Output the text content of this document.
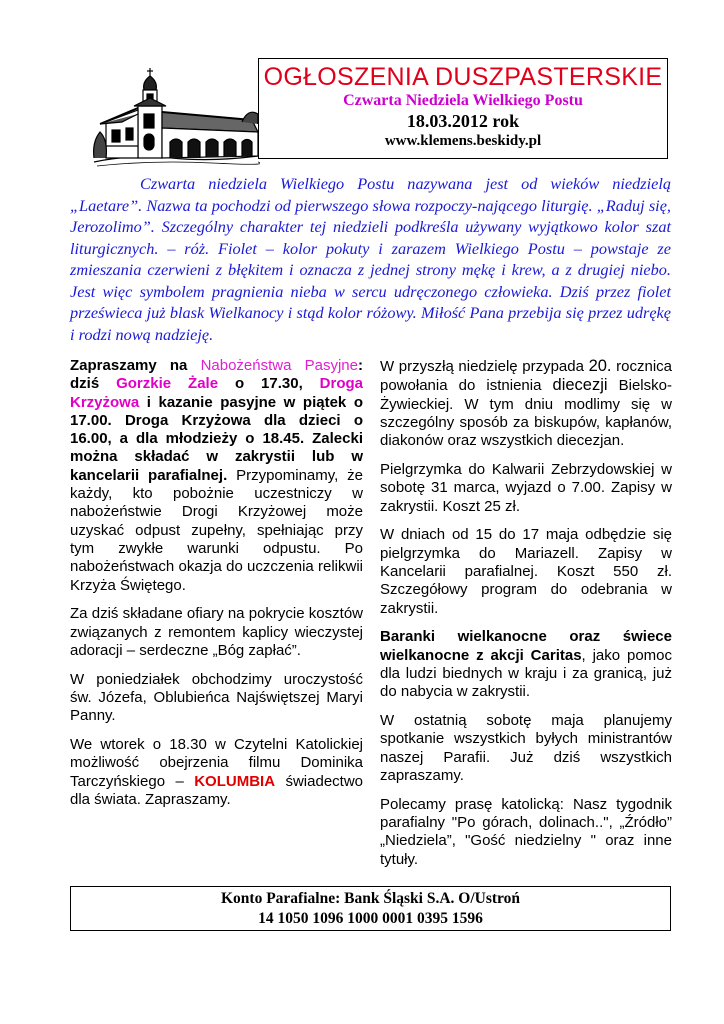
OGŁOSZENIA DUSZPASTERSKIE
Czwarta Niedziela Wielkiego Postu
18.03.2012 rok
www.klemens.beskidy.pl

Czwarta niedziela Wielkiego Postu nazywana jest od wieków niedzielą „Laetare”. Nazwa ta pochodzi od pierwszego słowa rozpoczy-nającego liturgię. „Raduj się, Jerozolimo”. Szczególny charakter tej niedzieli podkreśla używany wyjątkowo kolor szat liturgicznych. – róż. Fiolet – kolor pokuty i zarazem Wielkiego Postu – powstaje ze zmieszania czerwieni z błękitem i oznacza z jednej strony mękę i krew, a z drugiej niebo. Jest więc symbolem pragnienia nieba w sercu udręczonego człowieka. Dziś przez fiolet prześwieca już blask Wielkanocy i stąd kolor różowy. Miłość Pana przebija się przez udrękę i rodzi nową nadzieję.

Zapraszamy na Nabożeństwa Pasyjne: dziś Gorzkie Żale o 17.30, Droga Krzyżowa i kazanie pasyjne w piątek o 17.00. Droga Krzyżowa dla dzieci o 16.00, a dla młodzieży o 18.45. Zalecki można składać w zakrystii lub w kancelarii parafialnej. Przypominamy, że każdy, kto pobożnie uczestniczy w nabożeństwie Drogi Krzyżowej może uzyskać odpust zupełny, spełniając przy tym zwykłe warunki odpustu. Po nabożeństwach okazja do uczczenia relikwii Krzyża Świętego.

Za dziś składane ofiary na pokrycie kosztów związanych z remontem kaplicy wieczystej adoracji – serdeczne „Bóg zapłać”.

W poniedziałek obchodzimy uroczystość św. Józefa, Oblubieńca Najświętszej Maryi Panny.

We wtorek o 18.30 w Czytelni Katolickiej możliwość obejrzenia filmu Dominika Tarczyńskiego – KOLUMBIA świadectwo dla świata. Zapraszamy.

W przyszłą niedzielę przypada 20. rocznica powołania do istnienia diecezji Bielsko-Żywieckiej. W tym dniu modlimy się w szczególny sposób za biskupów, kapłanów, diakonów oraz wszystkich diecezjan.

Pielgrzymka do Kalwarii Zebrzydowskiej w sobotę 31 marca, wyjazd o 7.00. Zapisy w zakrystii. Koszt 25 zł.

W dniach od 15 do 17 maja odbędzie się pielgrzymka do Mariazell. Zapisy w Kancelarii parafialnej. Koszt 550 zł. Szczegółowy program do odebrania w zakrystii.

Baranki wielkanocne oraz świece wielkanocne z akcji Caritas, jako pomoc dla ludzi biednych w kraju i za granicą, już do nabycia w zakrystii.

W ostatnią sobotę maja planujemy spotkanie wszystkich byłych ministrantów naszej Parafii. Już dziś wszystkich zapraszamy.

Polecamy prasę katolicką: Nasz tygodnik parafialny "Po górach, dolinach..", „Źródło” „Niedziela”, "Gość niedzielny " oraz inne tytuły.

Konto Parafialne: Bank Śląski S.A. O/Ustroń
14 1050 1096 1000 0001 0395 1596
